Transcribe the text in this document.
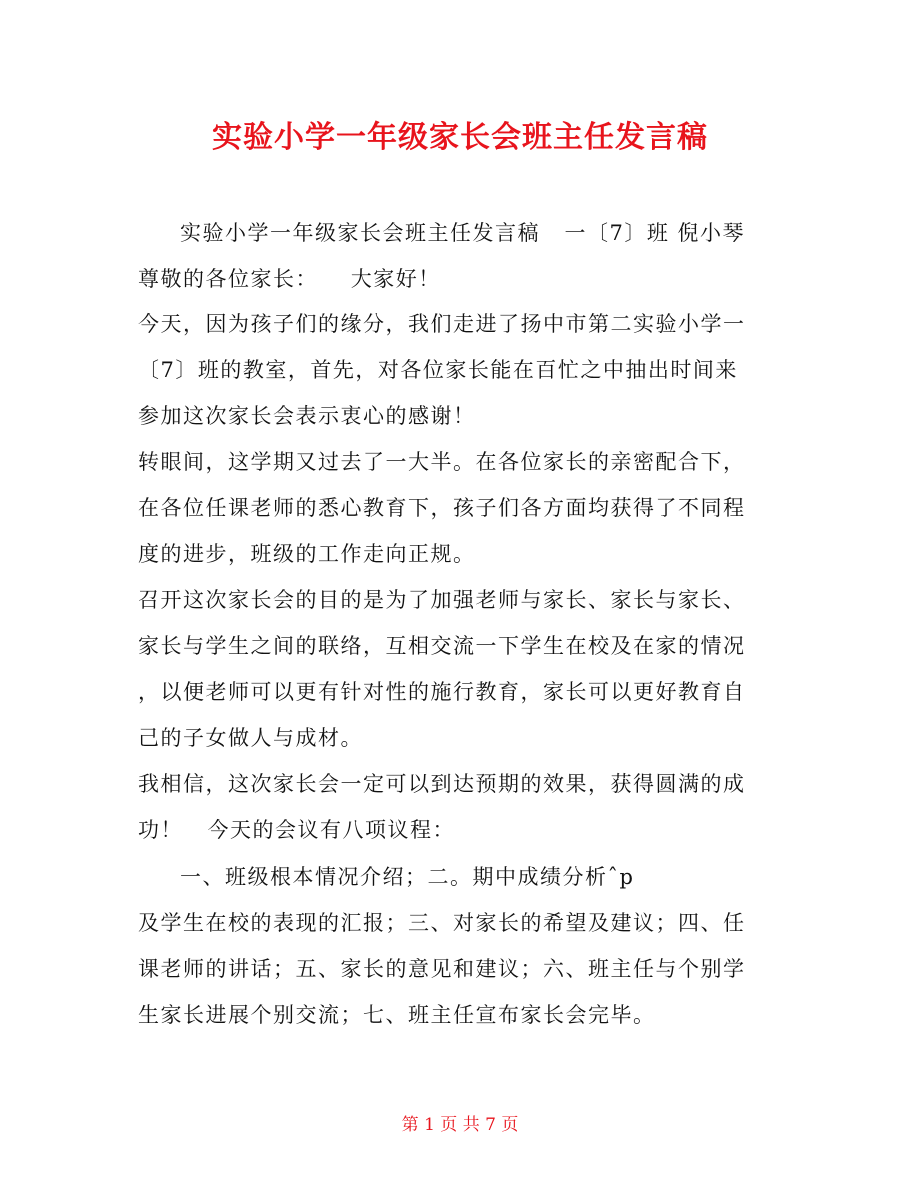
实验小学一年级家长会班主任发言稿
实验小学一年级家长会班主任发言稿   一〔7〕班 倪小琴
尊敬的各位家长：    大家好！
今天，因为孩子们的缘分，我们走进了扬中市第二实验小学一
〔7〕班的教室，首先，对各位家长能在百忙之中抽出时间来
参加这次家长会表示衷心的感谢！
转眼间，这学期又过去了一大半。在各位家长的亲密配合下，
在各位任课老师的悉心教育下，孩子们各方面均获得了不同程
度的进步，班级的工作走向正规。
召开这次家长会的目的是为了加强老师与家长、家长与家长、
家长与学生之间的联络，互相交流一下学生在校及在家的情况
，以便老师可以更有针对性的施行教育，家长可以更好教育自
己的子女做人与成材。
我相信，这次家长会一定可以到达预期的效果，获得圆满的成
功！   今天的会议有八项议程：
一、班级根本情况介绍；二。期中成绩分析ˆp
及学生在校的表现的汇报；三、对家长的希望及建议；四、任
课老师的讲话；五、家长的意见和建议；六、班主任与个别学
生家长进展个别交流；七、班主任宣布家长会完毕。
第 1 页 共 7 页
